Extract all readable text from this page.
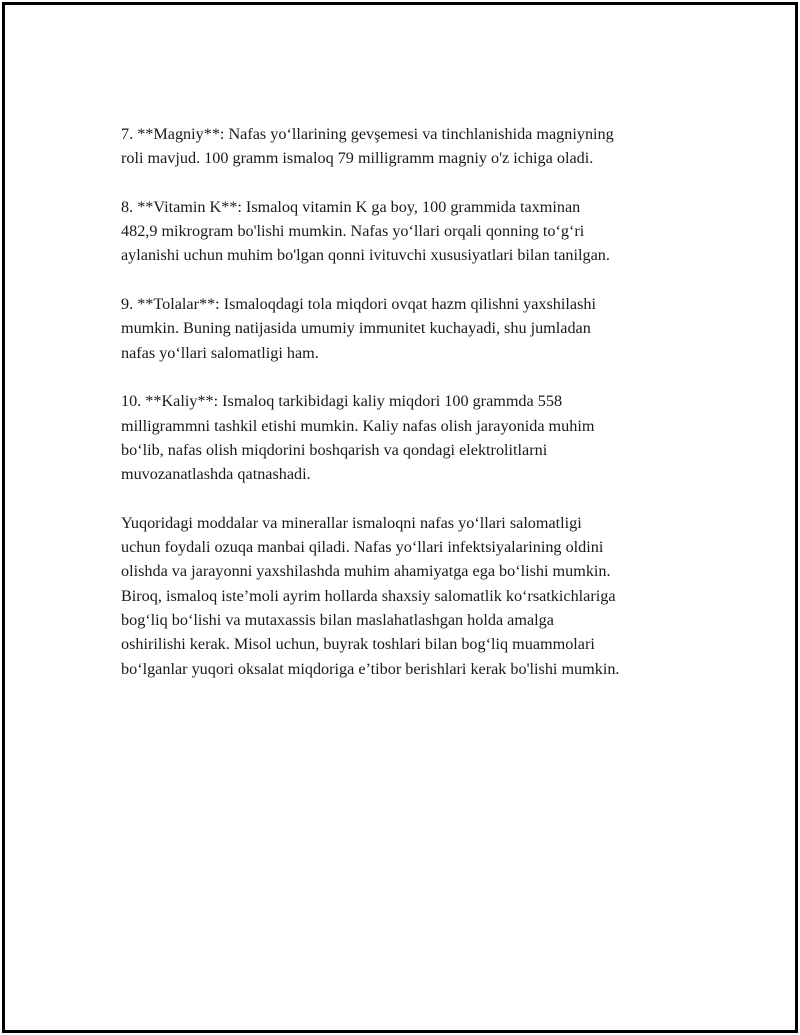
7. **Magniy**: Nafas yo‘llarining gevşemesi va tinchlanishida magniyning
roli mavjud. 100 gramm ismaloq 79 milligramm magniy o'z ichiga oladi.

8. **Vitamin K**: Ismaloq vitamin K ga boy, 100 grammida taxminan
482,9 mikrogram bo'lishi mumkin. Nafas yo‘llari orqali qonning to‘g‘ri
aylanishi uchun muhim bo'lgan qonni ivituvchi xususiyatlari bilan tanilgan.

9. **Tolalar**: Ismaloqdagi tola miqdori ovqat hazm qilishni yaxshilashi
mumkin. Buning natijasida umumiy immunitet kuchayadi, shu jumladan
nafas yo‘llari salomatligi ham.

10. **Kaliy**: Ismaloq tarkibidagi kaliy miqdori 100 grammda 558
milligrammni tashkil etishi mumkin. Kaliy nafas olish jarayonida muhim
bo‘lib, nafas olish miqdorini boshqarish va qondagi elektrolitlarni
muvozanatlashda qatnashadi.

Yuqoridagi moddalar va minerallar ismaloqni nafas yo‘llari salomatligi
uchun foydali ozuqa manbai qiladi. Nafas yo‘llari infektsiyalarining oldini
olishda va jarayonni yaxshilashda muhim ahamiyatga ega bo‘lishi mumkin.
Biroq, ismaloq iste’moli ayrim hollarda shaxsiy salomatlik ko‘rsatkichlariga
bog‘liq bo‘lishi va mutaxassis bilan maslahatlashgan holda amalga
oshirilishi kerak. Misol uchun, buyrak toshlari bilan bog‘liq muammolari
bo‘lganlar yuqori oksalat miqdoriga e’tibor berishlari kerak bo'lishi mumkin.
